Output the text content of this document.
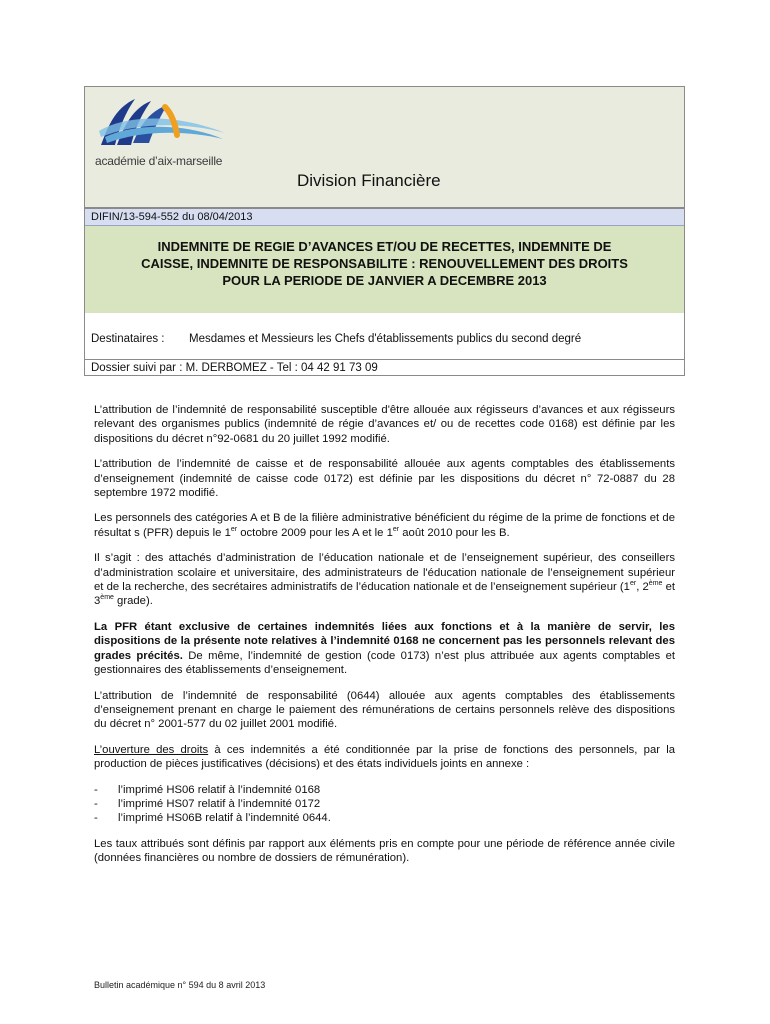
académie d’aix-marseille
Division Financière
DIFIN/13-594-552 du 08/04/2013
INDEMNITE DE REGIE D’AVANCES ET/OU DE RECETTES, INDEMNITE DE
CAISSE, INDEMNITE DE RESPONSABILITE : RENOUVELLEMENT DES DROITS
POUR LA PERIODE DE JANVIER A DECEMBRE 2013
Destinataires : Mesdames et Messieurs les Chefs d'établissements publics du second degré
Dossier suivi par : M. DERBOMEZ - Tel : 04 42 91 73 09

L’attribution de l’indemnité de responsabilité susceptible d'être allouée aux régisseurs d’avances et aux régisseurs relevant des organismes publics (indemnité de régie d’avances et/ ou de recettes code 0168) est définie par les dispositions du décret n°92-0681 du 20 juillet 1992 modifié.

L’attribution de l’indemnité de caisse et de responsabilité allouée aux agents comptables des établissements d’enseignement (indemnité de caisse code 0172) est définie par les dispositions du décret n° 72-0887 du 28 septembre 1972 modifié.

Les personnels des catégories A et B de la filière administrative bénéficient du régime de la prime de fonctions et de résultat s (PFR) depuis le 1er octobre 2009 pour les A et le 1er août 2010 pour les B.

Il s’agit : des attachés d’administration de l’éducation nationale et de l’enseignement supérieur, des conseillers d’administration scolaire et universitaire, des administrateurs de l'éducation nationale de l’enseignement supérieur et de la recherche, des secrétaires administratifs de l’éducation nationale et de l’enseignement supérieur (1er, 2ème et 3ème grade).

La PFR étant exclusive de certaines indemnités liées aux fonctions et à la manière de servir, les dispositions de la présente note relatives à l’indemnité 0168 ne concernent pas les personnels relevant des grades précités. De même, l’indemnité de gestion (code 0173) n’est plus attribuée aux agents comptables et gestionnaires des établissements d’enseignement.

L’attribution de l’indemnité de responsabilité (0644) allouée aux agents comptables des établissements d’enseignement prenant en charge le paiement des rémunérations de certains personnels relève des dispositions du décret n° 2001-577 du 02 juillet 2001 modifié.

L’ouverture des droits à ces indemnités a été conditionnée par la prise de fonctions des personnels, par la production de pièces justificatives (décisions) et des états individuels joints en annexe :

- l’imprimé HS06 relatif à l’indemnité 0168
- l’imprimé HS07 relatif à l’indemnité 0172
- l’imprimé HS06B relatif à l’indemnité 0644.

Les taux attribués sont définis par rapport aux éléments pris en compte pour une période de référence année civile (données financières ou nombre de dossiers de rémunération).

Bulletin académique n° 594 du 8 avril 2013
